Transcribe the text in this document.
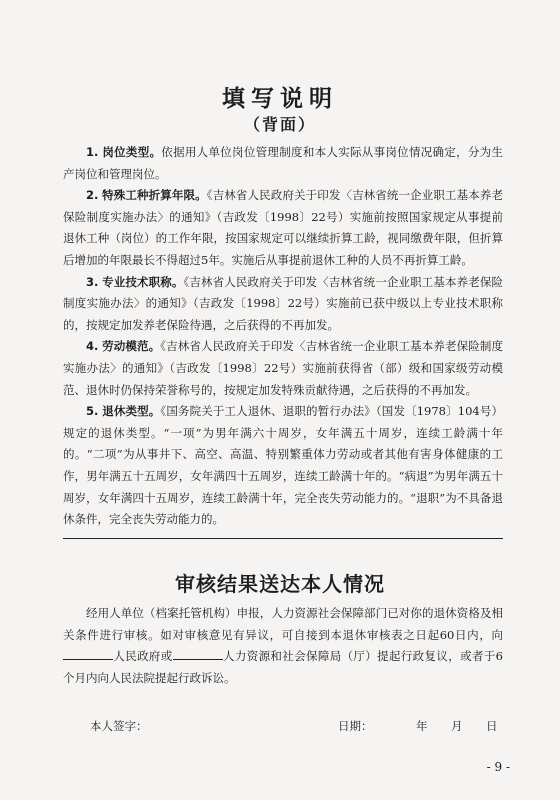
填写说明
（背面）

1. 岗位类型。依据用人单位岗位管理制度和本人实际从事岗位情况确定，分为生产岗位和管理岗位。

2. 特殊工种折算年限。《吉林省人民政府关于印发〈吉林省统一企业职工基本养老保险制度实施办法〉的通知》（吉政发〔1998〕22号）实施前按照国家规定从事提前退休工种（岗位）的工作年限，按国家规定可以继续折算工龄，视同缴费年限，但折算后增加的年限最长不得超过5年。实施后从事提前退休工种的人员不再折算工龄。

3. 专业技术职称。《吉林省人民政府关于印发〈吉林省统一企业职工基本养老保险制度实施办法〉的通知》（吉政发〔1998〕22号）实施前已获中级以上专业技术职称的，按规定加发养老保险待遇，之后获得的不再加发。

4. 劳动模范。《吉林省人民政府关于印发〈吉林省统一企业职工基本养老保险制度实施办法〉的通知》（吉政发〔1998〕22号）实施前获得省（部）级和国家级劳动模范、退休时仍保持荣誉称号的，按规定加发特殊贡献待遇，之后获得的不再加发。

5. 退休类型。《国务院关于工人退休、退职的暂行办法》（国发〔1978〕104号）规定的退休类型。“一项”为男年满六十周岁，女年满五十周岁，连续工龄满十年的。“二项”为从事井下、高空、高温、特别繁重体力劳动或者其他有害身体健康的工作，男年满五十五周岁，女年满四十五周岁，连续工龄满十年的。“病退”为男年满五十周岁，女年满四十五周岁，连续工龄满十年，完全丧失劳动能力的。“退职”为不具备退休条件，完全丧失劳动能力的。

审核结果送达本人情况
经用人单位（档案托管机构）申报，人力资源社会保障部门已对你的退休资格及相关条件进行审核。如对审核意见有异议，可自接到本退休审核表之日起60日内，向人民政府或	人力资源和社会保障局（厅）提起行政复议，或者于6个月内向人民法院提起行政诉讼。
本人签字：	日期：	年 月 日
- 9 -
